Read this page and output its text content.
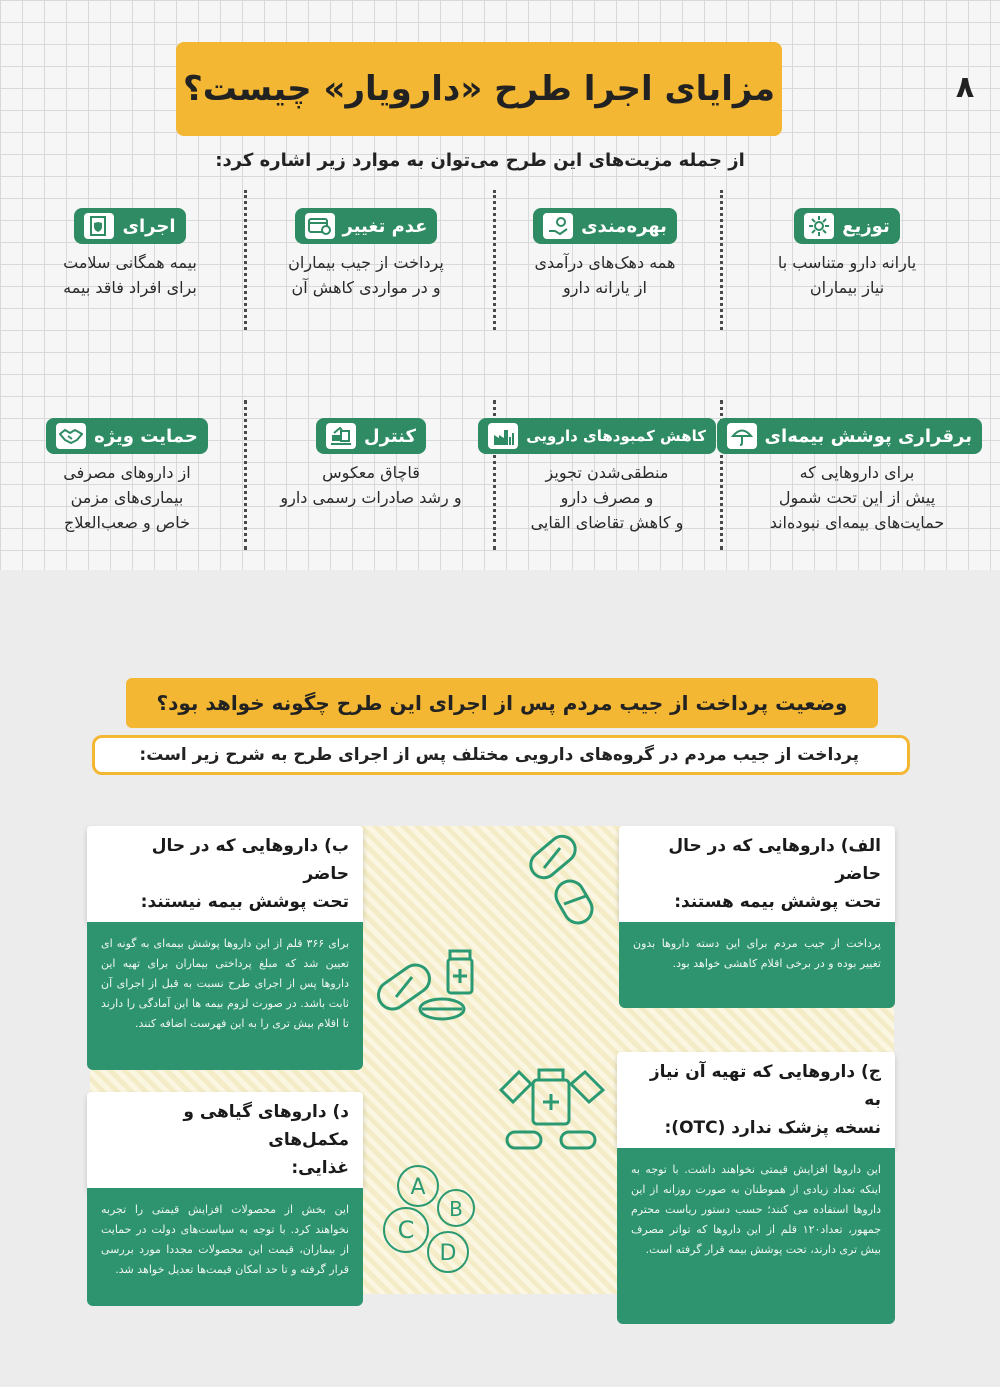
۸
مزایای اجرا طرح «دارویار» چیست؟
از جمله مزیت‌های این طرح می‌توان به موارد زیر اشاره کرد:
توزیع
یارانه دارو متناسب با
نیاز بیماران
بهره‌مندی
همه دهک‌های درآمدی
از یارانه دارو
عدم تغییر
پرداخت از جیب بیماران
و در مواردی کاهش آن
اجرای
بیمه همگانی سلامت
برای افراد فاقد بیمه
برقراری پوشش بیمه‌ای
برای داروهایی که
پیش از این تحت شمول
حمایت‌های بیمه‌ای نبوده‌اند
کاهش کمبودهای دارویی
منطقی‌شدن تجویز
و مصرف دارو
و کاهش تقاضای القایی
کنترل
قاچاق معکوس
و رشد صادرات رسمی دارو
حمایت ویژه
از داروهای مصرفی
بیماری‌های مزمن
خاص و صعب‌العلاج
وضعیت پرداخت از جیب مردم پس از اجرای این طرح چگونه خواهد بود؟
پرداخت از جیب مردم در گروه‌های دارویی مختلف پس از اجرای طرح به شرح زیر است:
الف) داروهایی که در حال حاضر
تحت پوشش بیمه هستند:
پرداخت از جیب مردم برای این دسته داروها بدون تغییر بوده و در برخی اقلام کاهشی خواهد بود.
ب) داروهایی که در حال حاضر
تحت پوشش بیمه نیستند:
برای ۳۶۶ قلم از این داروها پوشش بیمه‌ای به گونه ای تعیین شد که مبلغ پرداختی بیماران برای تهیه این داروها پس از اجرای طرح نسبت به قبل از اجرای آن ثابت باشد. در صورت لزوم بیمه ها این آمادگی را دارند تا اقلام بیش تری را به این فهرست اضافه کنند.
ج) داروهایی که تهیه آن نیاز به
نسخه پزشک ندارد (OTC):
این داروها افزایش قیمتی نخواهند داشت. با توجه به اینکه تعداد زیادی از هموطنان به صورت روزانه از این داروها استفاده می کنند؛ حسب دستور ریاست محترم جمهور، تعداد۱۲۰ قلم از این داروها که تواتر مصرف بیش تری دارند، تحت پوشش بیمه قرار گرفته است.
د) داروهای گیاهی و مکمل‌های
غذایی:
این بخش از محصولات افزایش قیمتی را تجربه نخواهند کرد. با توجه به سیاست‌های دولت در حمایت از بیماران، قیمت این محصولات مجددا مورد بررسی قرار گرفته و تا حد امکان قیمت‌ها تعدیل خواهد شد.
A
B
C
D
